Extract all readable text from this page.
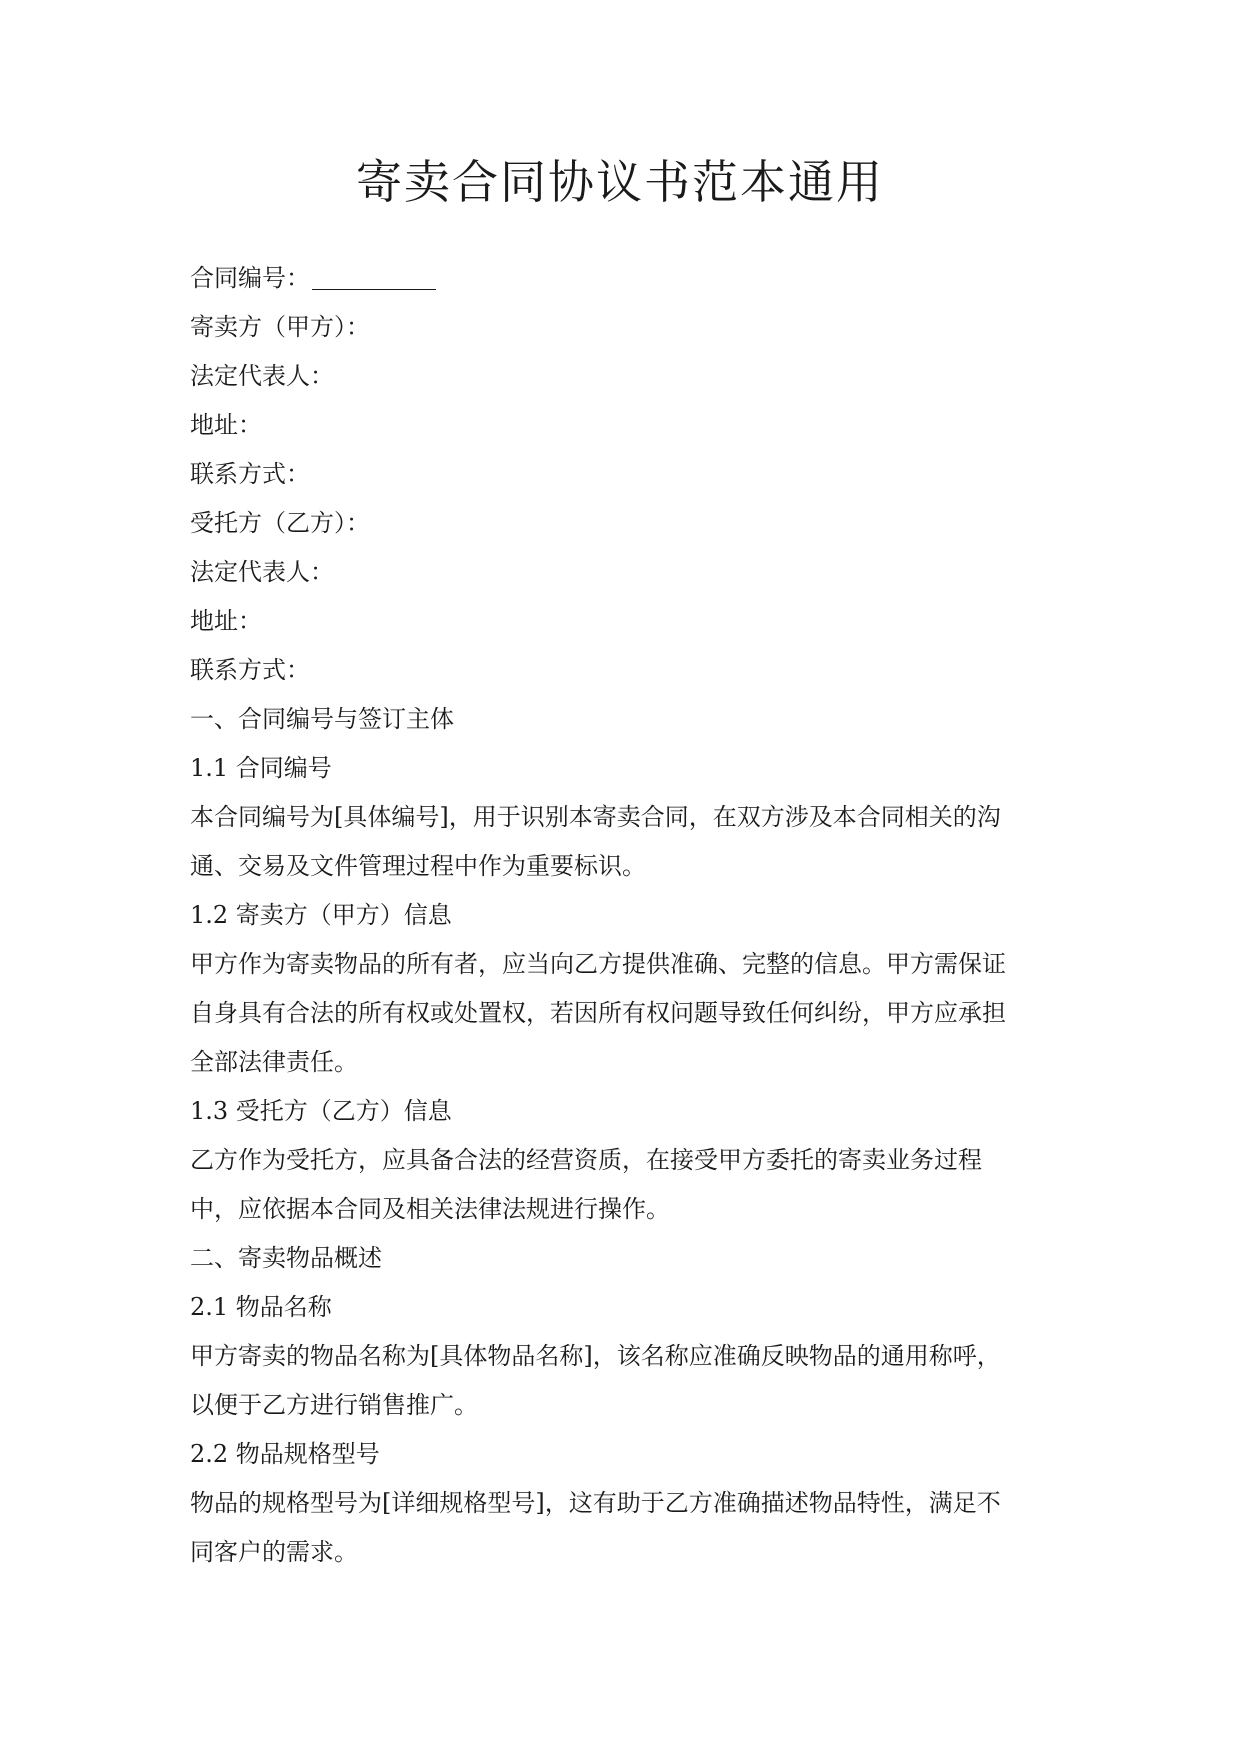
寄卖合同协议书范本通用

合同编号：

寄卖方（甲方）：

法定代表人：

地址：

联系方式：

受托方（乙方）：

法定代表人：

地址：

联系方式：

一、合同编号与签订主体

1.1 合同编号

本合同编号为[具体编号]，用于识别本寄卖合同，在双方涉及本合同相关的沟

通、交易及文件管理过程中作为重要标识。

1.2 寄卖方（甲方）信息

甲方作为寄卖物品的所有者，应当向乙方提供准确、完整的信息。甲方需保证

自身具有合法的所有权或处置权，若因所有权问题导致任何纠纷，甲方应承担

全部法律责任。

1.3 受托方（乙方）信息

乙方作为受托方，应具备合法的经营资质，在接受甲方委托的寄卖业务过程

中，应依据本合同及相关法律法规进行操作。

二、寄卖物品概述

2.1 物品名称

甲方寄卖的物品名称为[具体物品名称]，该名称应准确反映物品的通用称呼，

以便于乙方进行销售推广。

2.2 物品规格型号

物品的规格型号为[详细规格型号]，这有助于乙方准确描述物品特性，满足不

同客户的需求。
